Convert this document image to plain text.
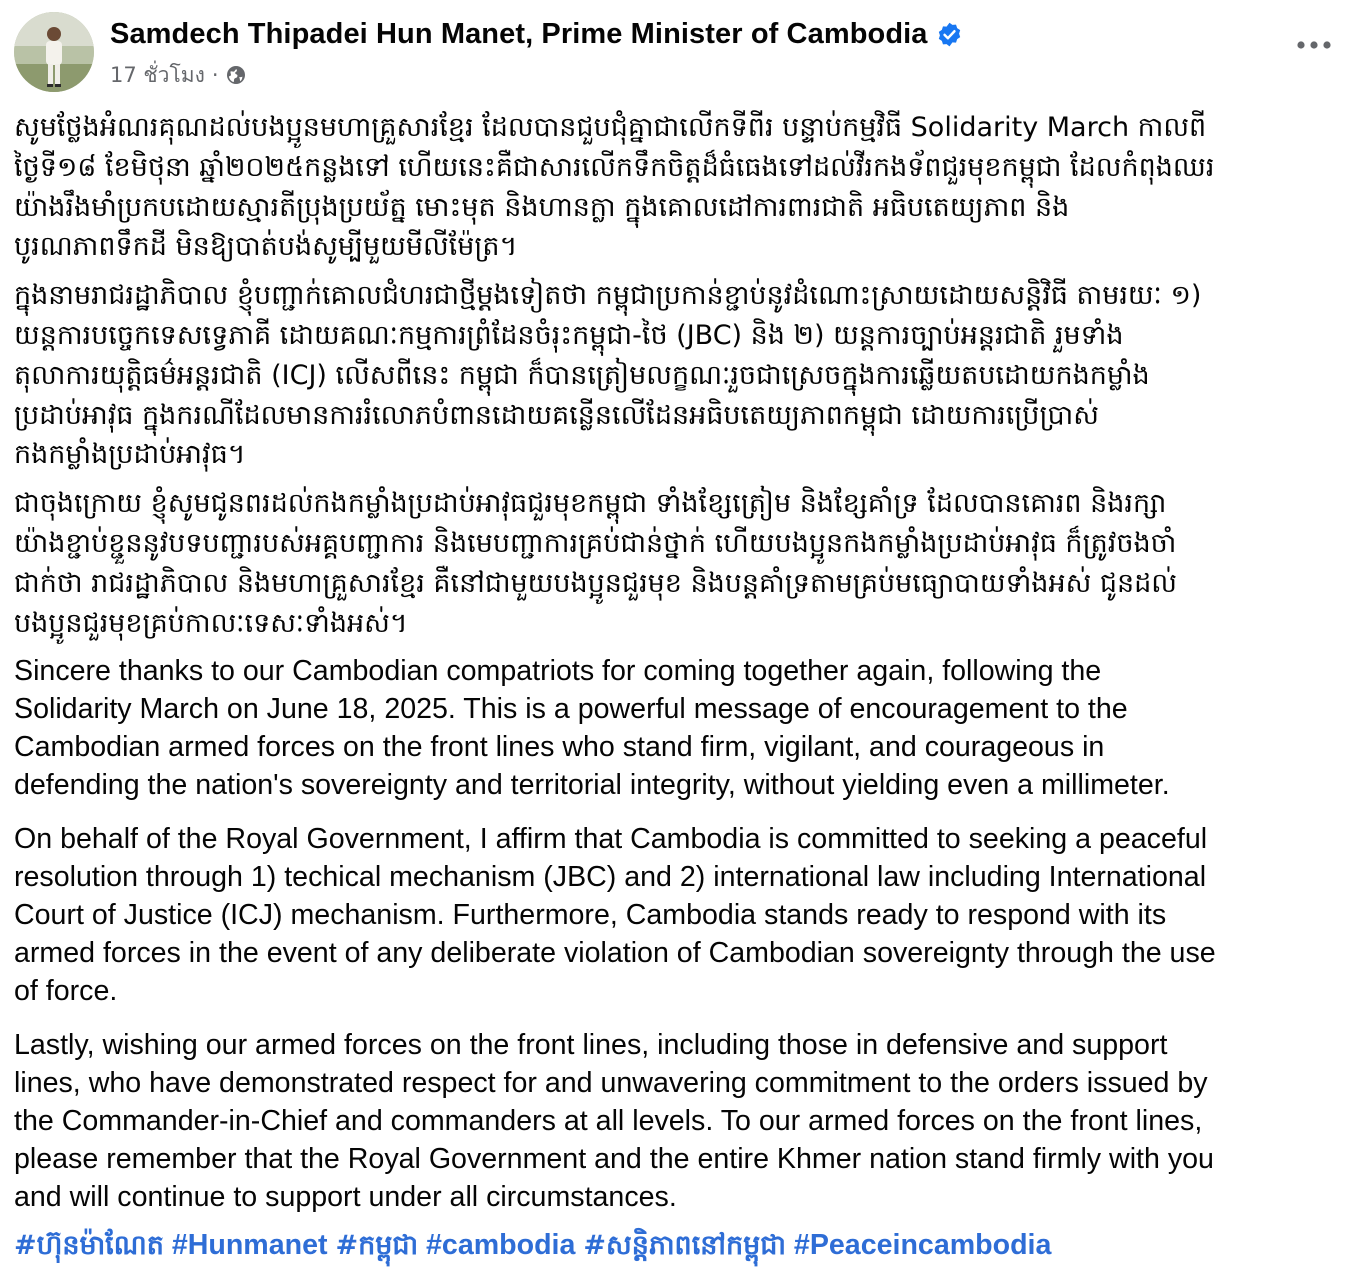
Samdech Thipadei Hun Manet, Prime Minister of Cambodia
17 ชั่วโมง ·

សូមថ្លែងអំណរគុណដល់បងប្អូនមហាគ្រួសារខ្មែរ ដែលបានជួបជុំគ្នាជាលើកទីពីរ បន្ទាប់កម្មវិធី Solidarity March កាលពី
ថ្ងៃទី១៨ ខែមិថុនា ឆ្នាំ២០២៥កន្លងទៅ ហើយនេះគឺជាសារលើកទឹកចិត្តដ៏ធំធេងទៅដល់វីរកងទ័ពជួរមុខកម្ពុជា ដែលកំពុងឈរ
យ៉ាងរឹងមាំប្រកបដោយស្មារតីប្រុងប្រយ័ត្ន មោះមុត និងហានក្លា ក្នុងគោលដៅការពារជាតិ អធិបតេយ្យភាព និង
បូរណភាពទឹកដី មិនឱ្យបាត់បង់សូម្បីមួយមីលីម៉ែត្រ។

ក្នុងនាមរាជរដ្ឋាភិបាល ខ្ញុំបញ្ជាក់គោលជំហរជាថ្មីម្តងទៀតថា កម្ពុជាប្រកាន់ខ្ជាប់នូវដំណោះស្រាយដោយសន្តិវិធី តាមរយៈ ១)
យន្តការបច្ចេកទេសទ្វេភាគី ដោយគណៈកម្មការព្រំដែនចំរុះកម្ពុជា-ថៃ (JBC) និង ២) យន្តការច្បាប់អន្តរជាតិ រួមទាំង
តុលាការយុត្តិធម៌អន្តរជាតិ (ICJ) លើសពីនេះ កម្ពុជា ក៏បានត្រៀមលក្ខណៈរួចជាស្រេចក្នុងការឆ្លើយតបដោយកងកម្លាំង
ប្រដាប់អាវុធ ក្នុងករណីដែលមានការរំលោភបំពានដោយគន្លើនលើដែនអធិបតេយ្យភាពកម្ពុជា ដោយការប្រើប្រាស់
កងកម្លាំងប្រដាប់អាវុធ។

ជាចុងក្រោយ ខ្ញុំសូមជូនពរដល់កងកម្លាំងប្រដាប់អាវុធជួរមុខកម្ពុជា ទាំងខ្សែត្រៀម និងខ្សែគាំទ្រ ដែលបានគោរព និងរក្សា
យ៉ាងខ្ជាប់ខ្ជួននូវបទបញ្ជារបស់អគ្គបញ្ជាការ និងមេបញ្ជាការគ្រប់ជាន់ថ្នាក់ ហើយបងប្អូនកងកម្លាំងប្រដាប់អាវុធ ក៏ត្រូវចងចាំ
ជាក់ថា រាជរដ្ឋាភិបាល និងមហាគ្រួសារខ្មែរ គឺនៅជាមួយបងប្អូនជួរមុខ និងបន្តគាំទ្រតាមគ្រប់មធ្យោបាយទាំងអស់ ជូនដល់
បងប្អូនជួរមុខគ្រប់កាលៈទេសៈទាំងអស់។

Sincere thanks to our Cambodian compatriots for coming together again, following the
Solidarity March on June 18, 2025. This is a powerful message of encouragement to the
Cambodian armed forces on the front lines who stand firm, vigilant, and courageous in
defending the nation's sovereignty and territorial integrity, without yielding even a millimeter.

On behalf of the Royal Government, I affirm that Cambodia is committed to seeking a peaceful
resolution through 1) techical mechanism (JBC) and 2) international law including International
Court of Justice (ICJ) mechanism. Furthermore, Cambodia stands ready to respond with its
armed forces in the event of any deliberate violation of Cambodian sovereignty through the use
of force.

Lastly, wishing our armed forces on the front lines, including those in defensive and support
lines, who have demonstrated respect for and unwavering commitment to the orders issued by
the Commander-in-Chief and commanders at all levels. To our armed forces on the front lines,
please remember that the Royal Government and the entire Khmer nation stand firmly with you
and will continue to support under all circumstances.

#ហ៊ុនម៉ាណែត #Hunmanet #កម្ពុជា #cambodia #សន្តិភាពនៅកម្ពុជា #Peaceincambodia
